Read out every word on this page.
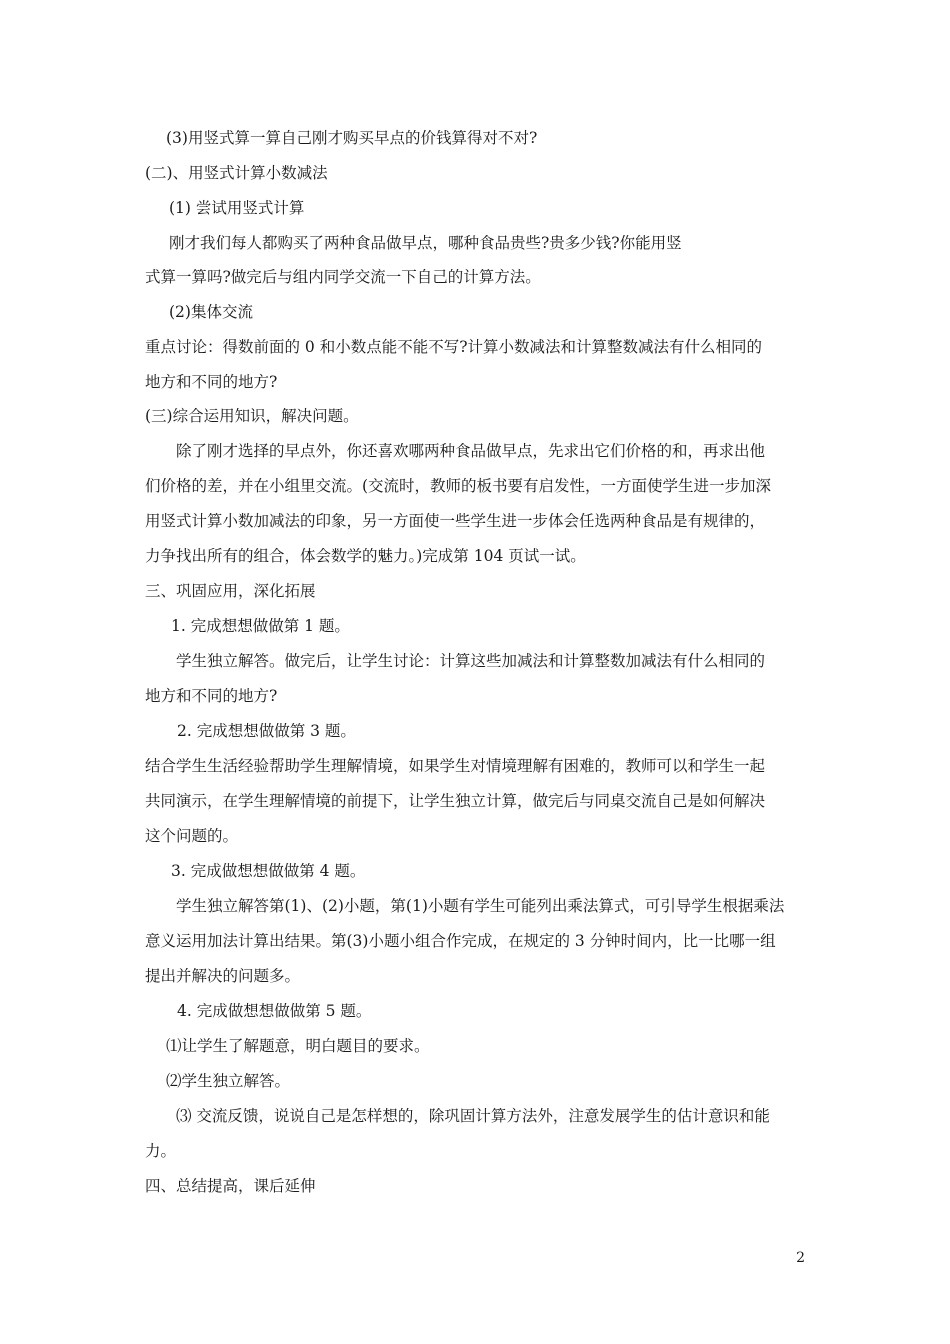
(3)用竖式算一算自己刚才购买早点的价钱算得对不对?
(二)、用竖式计算小数减法
(1) 尝试用竖式计算
刚才我们每人都购买了两种食品做早点，哪种食品贵些?贵多少钱?你能用竖
式算一算吗?做完后与组内同学交流一下自己的计算方法。
(2)集体交流
重点讨论：得数前面的 0 和小数点能不能不写?计算小数减法和计算整数减法有什么相同的
地方和不同的地方?
(三)综合运用知识，解决问题。
除了刚才选择的早点外，你还喜欢哪两种食品做早点，先求出它们价格的和，再求出他
们价格的差，并在小组里交流。(交流时，教师的板书要有启发性，一方面使学生进一步加深
用竖式计算小数加减法的印象，另一方面使一些学生进一步体会任选两种食品是有规律的，
力争找出所有的组合，体会数学的魅力。)完成第 104 页试一试。
三、巩固应用，深化拓展
1. 完成想想做做第 1 题。
学生独立解答。做完后，让学生讨论：计算这些加减法和计算整数加减法有什么相同的
地方和不同的地方?
2. 完成想想做做第 3 题。
结合学生生活经验帮助学生理解情境，如果学生对情境理解有困难的，教师可以和学生一起
共同演示，在学生理解情境的前提下，让学生独立计算，做完后与同桌交流自己是如何解决
这个问题的。
3. 完成做想想做做第 4 题。
学生独立解答第(1)、(2)小题，第(1)小题有学生可能列出乘法算式，可引导学生根据乘法
意义运用加法计算出结果。第(3)小题小组合作完成，在规定的 3 分钟时间内，比一比哪一组
提出并解决的问题多。
4. 完成做想想做做第 5 题。
⑴让学生了解题意，明白题目的要求。
⑵学生独立解答。
⑶ 交流反馈，说说自己是怎样想的，除巩固计算方法外，注意发展学生的估计意识和能
力。
四、总结提高，课后延伸
2
